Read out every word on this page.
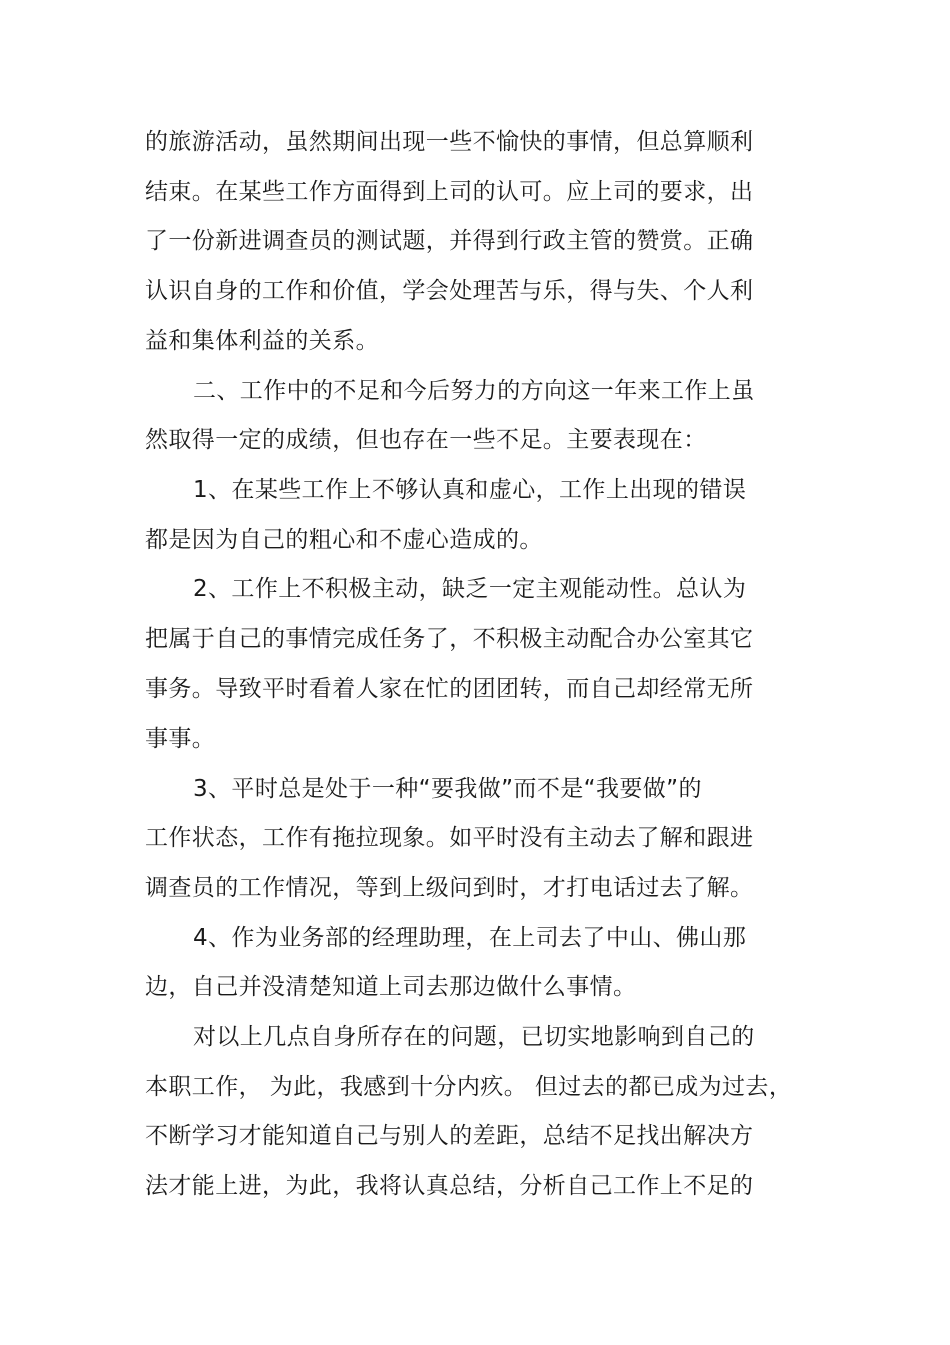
的旅游活动，虽然期间出现一些不愉快的事情，但总算顺利
结束。在某些工作方面得到上司的认可。应上司的要求，出
了一份新进调查员的测试题，并得到行政主管的赞赏。正确
认识自身的工作和价值，学会处理苦与乐，得与失、个人利
益和集体利益的关系。
二、工作中的不足和今后努力的方向这一年来工作上虽
然取得一定的成绩，但也存在一些不足。主要表现在：
1、在某些工作上不够认真和虚心，工作上出现的错误
都是因为自己的粗心和不虚心造成的。
2、工作上不积极主动，缺乏一定主观能动性。总认为
把属于自己的事情完成任务了，不积极主动配合办公室其它
事务。导致平时看着人家在忙的团团转，而自己却经常无所
事事。
3、平时总是处于一种“要我做”而不是“我要做”的
工作状态，工作有拖拉现象。如平时没有主动去了解和跟进
调查员的工作情况，等到上级问到时，才打电话过去了解。
4、作为业务部的经理助理，在上司去了中山、佛山那
边，自己并没清楚知道上司去那边做什么事情。
对以上几点自身所存在的问题，已切实地影响到自己的
本职工作， 为此，我感到十分内疚。 但过去的都已成为过去，
不断学习才能知道自己与别人的差距，总结不足找出解决方
法才能上进，为此，我将认真总结，分析自己工作上不足的
